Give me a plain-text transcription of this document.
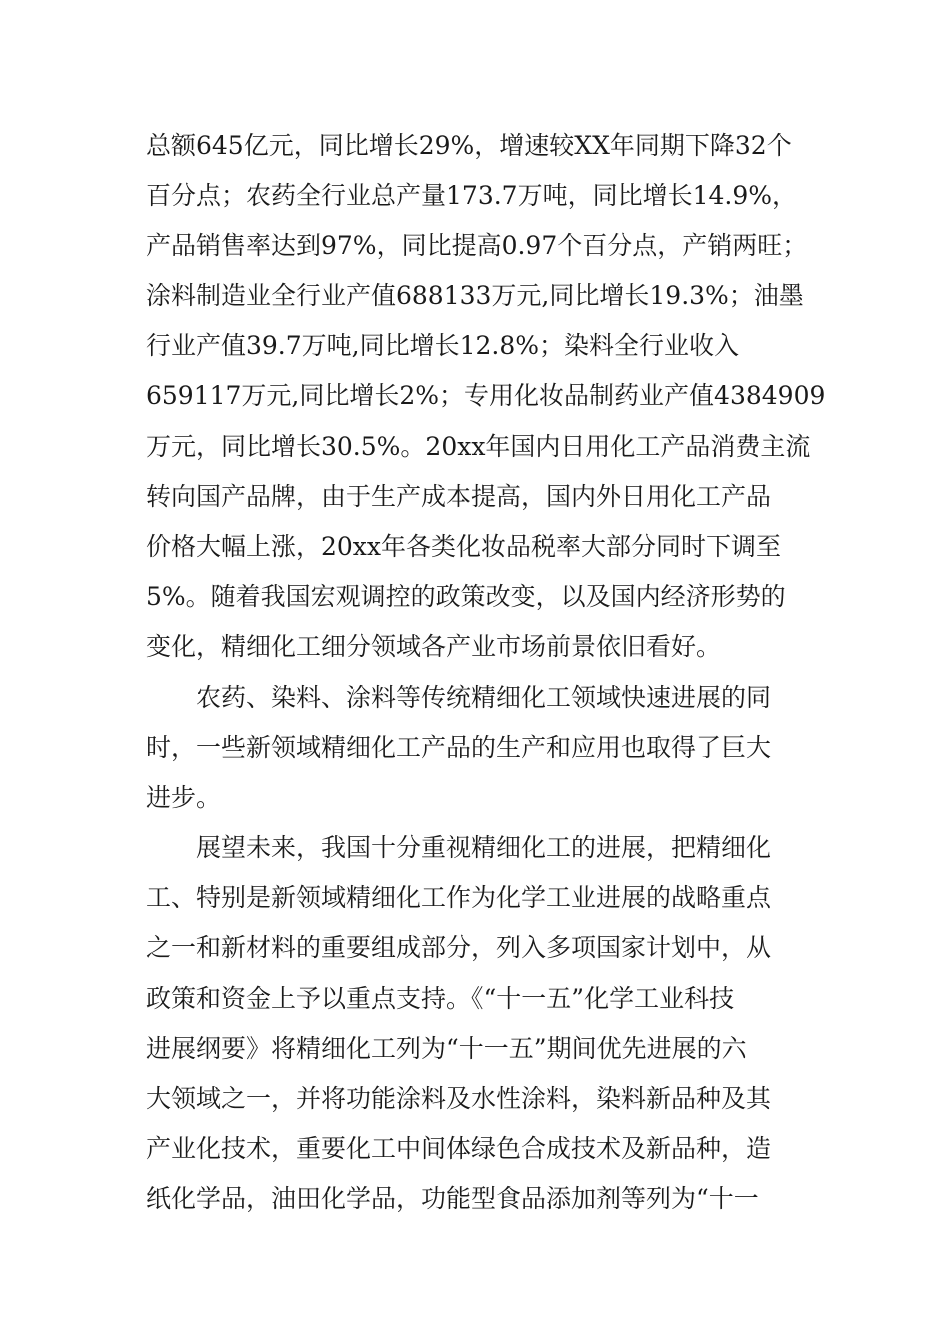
总额645亿元，同比增长29%，增速较XX年同期下降32个
百分点；农药全行业总产量173.7万吨，同比增长14.9%，
产品销售率达到97%，同比提高0.97个百分点，产销两旺；
涂料制造业全行业产值688133万元,同比增长19.3%；油墨
行业产值39.7万吨,同比增长12.8%；染料全行业收入
659117万元,同比增长2%；专用化妆品制药业产值4384909
万元，同比增长30.5%。20xx年国内日用化工产品消费主流
转向国产品牌，由于生产成本提高，国内外日用化工产品
价格大幅上涨，20xx年各类化妆品税率大部分同时下调至
5%。随着我国宏观调控的政策改变，以及国内经济形势的
变化，精细化工细分领域各产业市场前景依旧看好。
农药、染料、涂料等传统精细化工领域快速进展的同
时，一些新领域精细化工产品的生产和应用也取得了巨大
进步。
展望未来，我国十分重视精细化工的进展，把精细化
工、特别是新领域精细化工作为化学工业进展的战略重点
之一和新材料的重要组成部分，列入多项国家计划中，从
政策和资金上予以重点支持。《“十一五”化学工业科技
进展纲要》将精细化工列为“十一五”期间优先进展的六
大领域之一，并将功能涂料及水性涂料，染料新品种及其
产业化技术，重要化工中间体绿色合成技术及新品种，造
纸化学品，油田化学品，功能型食品添加剂等列为“十一
